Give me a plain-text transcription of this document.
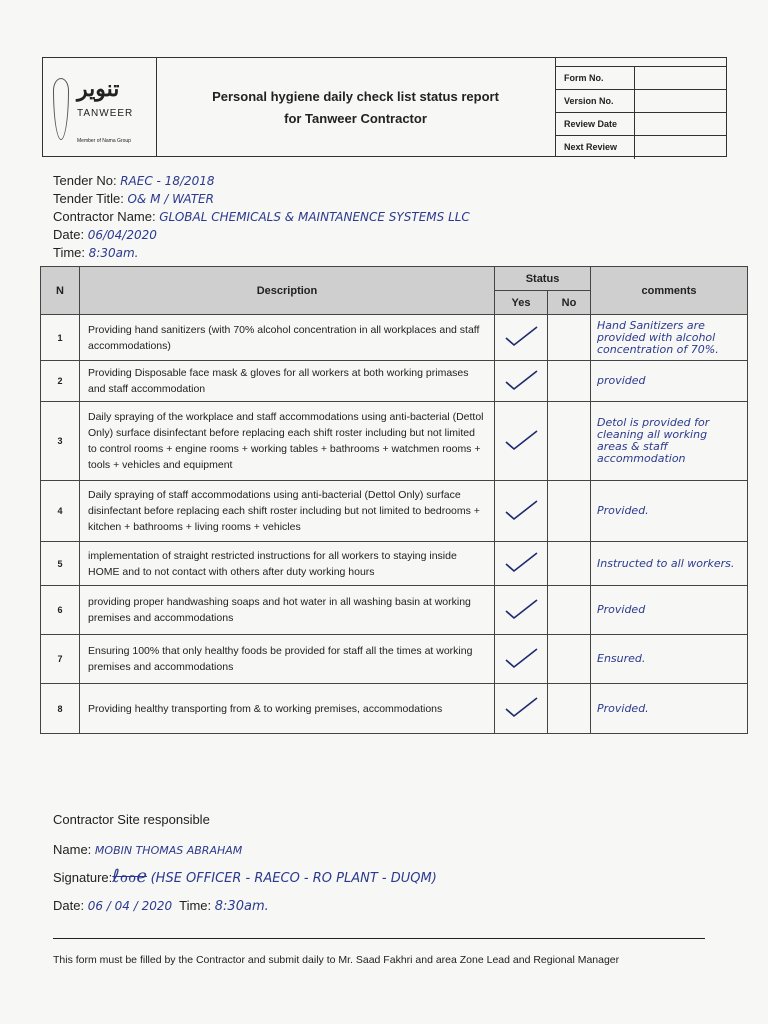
تنوير
TANWEER
Member of Nama Group
Personal hygiene daily check list status report
for Tanweer Contractor
Form No.
Version No.
Review Date
Next Review
Tender No: RAEC - 18/2018
Tender Title: O& M / WATER
Contractor Name: GLOBAL CHEMICALS & MAINTANENCE SYSTEMS LLC
Date: 06/04/2020
Time: 8:30am.
N	Description	Status		comments
		Yes	No	
1	Providing hand sanitizers (with 70% alcohol concentration in all workplaces and staff accommodations)			Hand Sanitizers are provided with alcohol concentration of 70%.
2	Providing Disposable face mask & gloves for all workers at both working primases and staff accommodation			provided
3	Daily spraying of the workplace and staff accommodations using anti-bacterial (Dettol Only) surface disinfectant before replacing each shift roster including but not limited to control rooms + engine rooms + working tables + bathrooms + watchmen rooms + tools + vehicles and equipment			Detol is provided for cleaning all working areas & staff accommodation
4	Daily spraying of staff accommodations using anti-bacterial (Dettol Only) surface disinfectant before replacing each shift roster including but not limited to bedrooms + kitchen + bathrooms + living rooms + vehicles			Provided.
5	implementation of straight restricted instructions for all workers to staying inside HOME and to not contact with others after duty working hours			Instructed to all workers.
6	providing proper handwashing soaps and hot water in all washing basin at working premises and accommodations			Provided
7	Ensuring 100% that only healthy foods be provided for staff all the times at working premises and accommodations			Ensured.
8	Providing healthy transporting from & to working premises, accommodations			Provided.
Contractor Site responsible
Name: MOBIN THOMAS ABRAHAM
Signature:ℓℴℴℯ (HSE OFFICER - RAECO - RO PLANT - DUQM)
Date: 06 / 04 / 2020 Time: 8:30am.
This form must be filled by the Contractor and submit daily to Mr. Saad Fakhri and area Zone Lead and Regional Manager
